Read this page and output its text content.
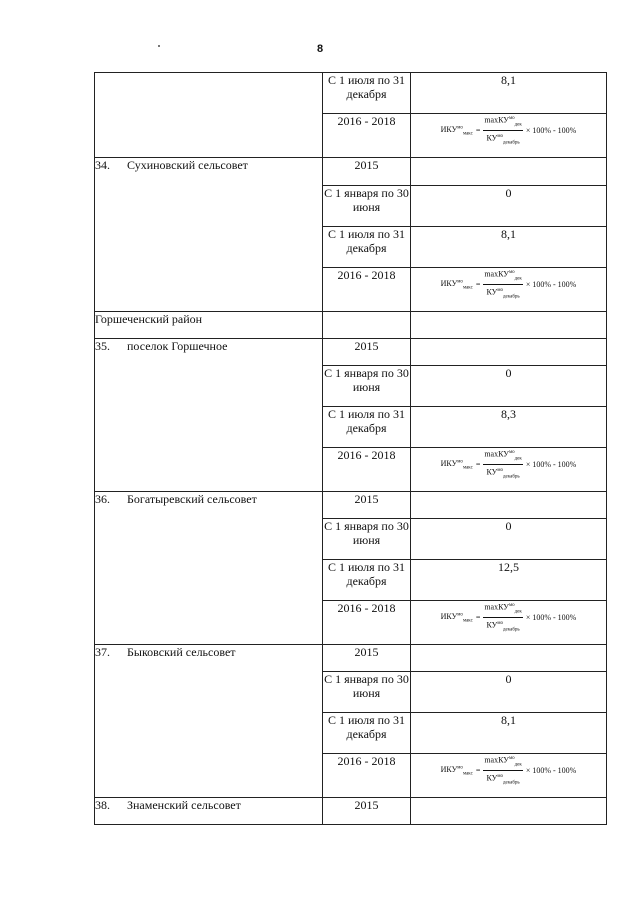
8
	С 1 июля по 31 декабря	8,1
	2016 - 2018	$ИКУ^{мо}_{макс} = \frac{\max КУ^{мо}_{дек}}{КУ^{мо}_{декабрь}} \times 100\% - 100\%$

34. Сухиновский сельсовет	2015	
	С 1 января по 30 июня	0
	С 1 июля по 31 декабря	8,1
	2016 - 2018	$ИКУ^{мо}_{макс} = \frac{\max КУ^{мо}_{дек}}{КУ^{мо}_{декабрь}} \times 100\% - 100\%$

Горшеченский район		
35. поселок Горшечное	2015	
	С 1 января по 30 июня	0
	С 1 июля по 31 декабря	8,3
	2016 - 2018	$ИКУ^{мо}_{макс} = \frac{\max КУ^{мо}_{дек}}{КУ^{мо}_{декабрь}} \times 100\% - 100\%$

36. Богатыревский сельсовет	2015	
	С 1 января по 30 июня	0
	С 1 июля по 31 декабря	12,5
	2016 - 2018	$ИКУ^{мо}_{макс} = \frac{\max КУ^{мо}_{дек}}{КУ^{мо}_{декабрь}} \times 100\% - 100\%$

37. Быковский сельсовет	2015	
	С 1 января по 30 июня	0
	С 1 июля по 31 декабря	8,1
	2016 - 2018	$ИКУ^{мо}_{макс} = \frac{\max КУ^{мо}_{дек}}{КУ^{мо}_{декабрь}} \times 100\% - 100\%$

38. Знаменский сельсовет	2015	
